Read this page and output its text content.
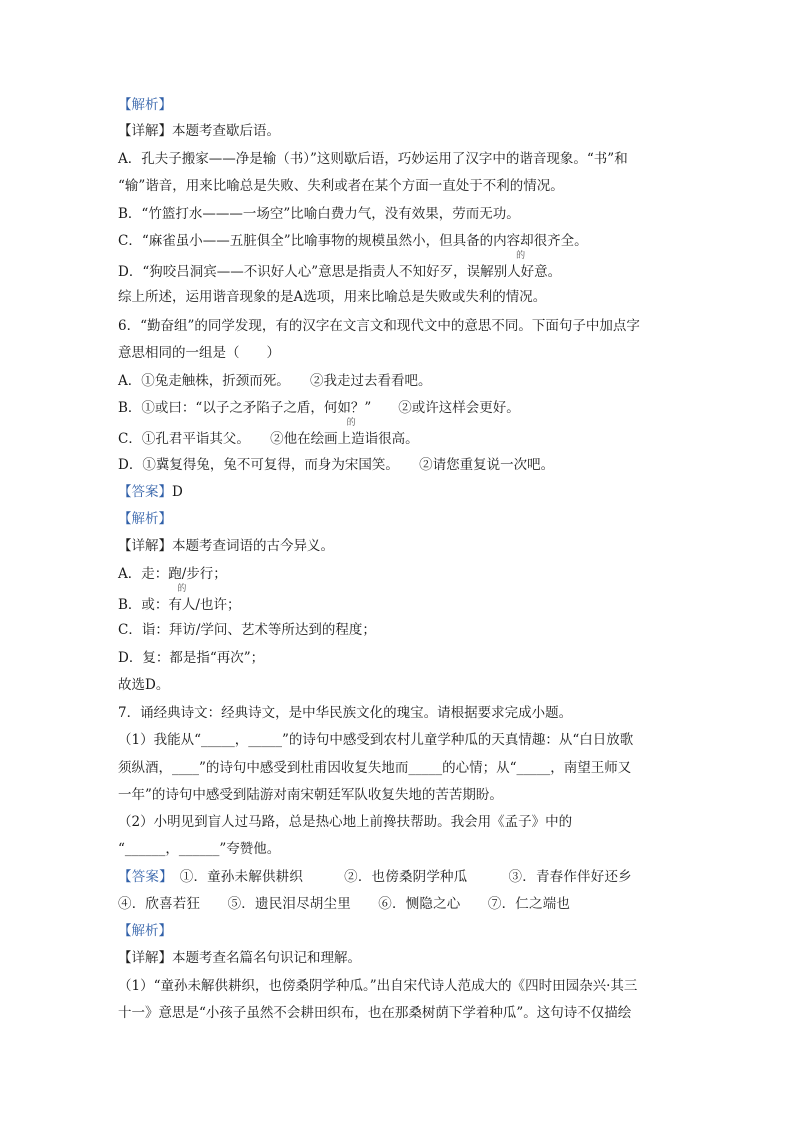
【解析】
【详解】本题考查歇后语。
A．孔夫子搬家——净是输（书）”这则歇后语，巧妙运用了汉字中的谐音现象。“书”和
“输”谐音，用来比喻总是失败、失利或者在某个方面一直处于不利的情况。
B．“竹篮打水———一场空”比喻白费力气，没有效果，劳而无功。
C．“麻雀虽小——五脏俱全”比喻事物的规模虽然小，但具备的内容却很齐全。
D．“狗咬吕洞宾——不识好人心”意思是指责人不知好歹，误解别人
的
好意。
综上所述，运用谐音现象的是A选项，用来比喻总是失败或失利的情况。
6．“勤奋组”的同学发现，有的汉字在文言文和现代文中的意思不同。下面句子中加点字
意思相同的一组是（　　）
A．①兔走触株，折颈而死。　　②我走过去看看吧。
B．①或曰：“以子之矛陷子之盾，何如？”　　②或许这样会更好。
C．①孔君平诣其父。　　②他在绘画上
的
造诣很高。
D．①冀复得兔，兔不可复得，而身为宋国笑。　　②请您重复说一次吧。
【答案】D
【解析】
【详解】本题考查词语的古今异义。
A．走：跑/步行；
B．或：有
的
人/也许；
C．诣：拜访/学问、艺术等所达到的程度；
D．复：都是指“再次”；
故选D。
7．诵经典诗文：经典诗文，是中华民族文化的瑰宝。请根据要求完成小题。
（1）我能从“_____，_____”的诗句中感受到农村儿童学种瓜的天真情趣：从“白日放歌
须纵酒，____”的诗句中感受到杜甫因收复失地而_____的心情；从“_____，南望王师又
一年”的诗句中感受到陆游对南宋朝廷军队收复失地的苦苦期盼。
（2）小明见到盲人过马路，总是热心地上前搀扶帮助。我会用《孟子》中的
“______，______”夸赞他。
【答案】　①．童孙未解供耕织　　　②．也傍桑阴学种瓜　　　③．青春作伴好还乡
④．欣喜若狂　　⑤．遗民泪尽胡尘里　　⑥．恻隐之心　　⑦．仁之端也
【解析】
【详解】本题考查名篇名句识记和理解。
（1）“童孙未解供耕织，也傍桑阴学种瓜。”出自宋代诗人范成大的《四时田园杂兴·其三
十一》意思是“小孩子虽然不会耕田织布，也在那桑树荫下学着种瓜”。这句诗不仅描绘
